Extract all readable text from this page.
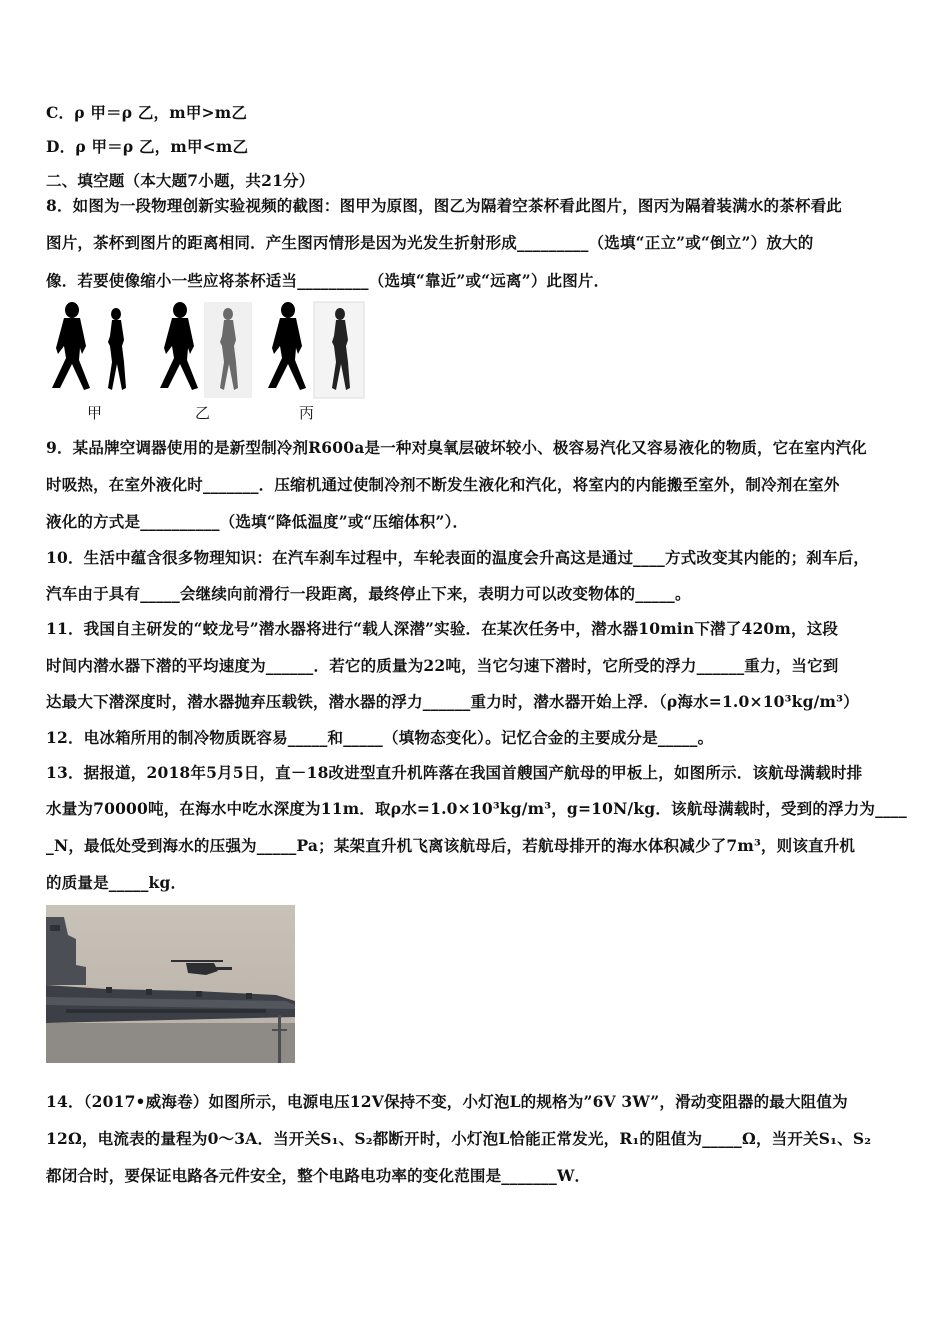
C．ρ 甲＝ρ 乙，m甲>m乙
D．ρ 甲＝ρ 乙，m甲<m乙
二、填空题（本大题7小题，共21分）
8．如图为一段物理创新实验视频的截图：图甲为原图，图乙为隔着空茶杯看此图片，图丙为隔着装满水的茶杯看此
图片，茶杯到图片的距离相同．产生图丙情形是因为光发生折射形成_________（选填“正立”或“倒立”）放大的
像．若要使像缩小一些应将茶杯适当_________（选填“靠近”或“远离”）此图片．
甲	乙	丙
9．某品牌空调器使用的是新型制冷剂R600a是一种对臭氧层破坏较小、极容易汽化又容易液化的物质，它在室内汽化
时吸热，在室外液化时_______．压缩机通过使制冷剂不断发生液化和汽化，将室内的内能搬至室外，制冷剂在室外
液化的方式是__________（选填“降低温度”或“压缩体积”）．
10．生活中蕴含很多物理知识：在汽车刹车过程中，车轮表面的温度会升高这是通过____方式改变其内能的；刹车后，
汽车由于具有_____会继续向前滑行一段距离，最终停止下来，表明力可以改变物体的_____。
11．我国自主研发的“蛟龙号”潜水器将进行“载人深潜”实验．在某次任务中，潜水器10min下潜了420m，这段
时间内潜水器下潜的平均速度为______．若它的质量为22吨，当它匀速下潜时，它所受的浮力______重力，当它到
达最大下潜深度时，潜水器抛弃压载铁，潜水器的浮力______重力时，潜水器开始上浮．（ρ海水=1.0×10³kg/m³）
12．电冰箱所用的制冷物质既容易_____和_____（填物态变化）。记忆合金的主要成分是_____。
13．据报道，2018年5月5日，直－18改进型直升机阵落在我国首艘国产航母的甲板上，如图所示．该航母满载时排
水量为70000吨，在海水中吃水深度为11m．取ρ水=1.0×10³kg/m³，g=10N/kg．该航母满载时，受到的浮力为____
_N，最低处受到海水的压强为_____Pa；某架直升机飞离该航母后，若航母排开的海水体积减少了7m³，则该直升机
的质量是_____kg．
14．（2017•威海卷）如图所示，电源电压12V保持不变，小灯泡L的规格为”6V 3W”，滑动变阻器的最大阻值为
12Ω，电流表的量程为0～3A．当开关S₁、S₂都断开时，小灯泡L恰能正常发光，R₁的阻值为_____Ω，当开关S₁、S₂
都闭合时，要保证电路各元件安全，整个电路电功率的变化范围是_______W．
